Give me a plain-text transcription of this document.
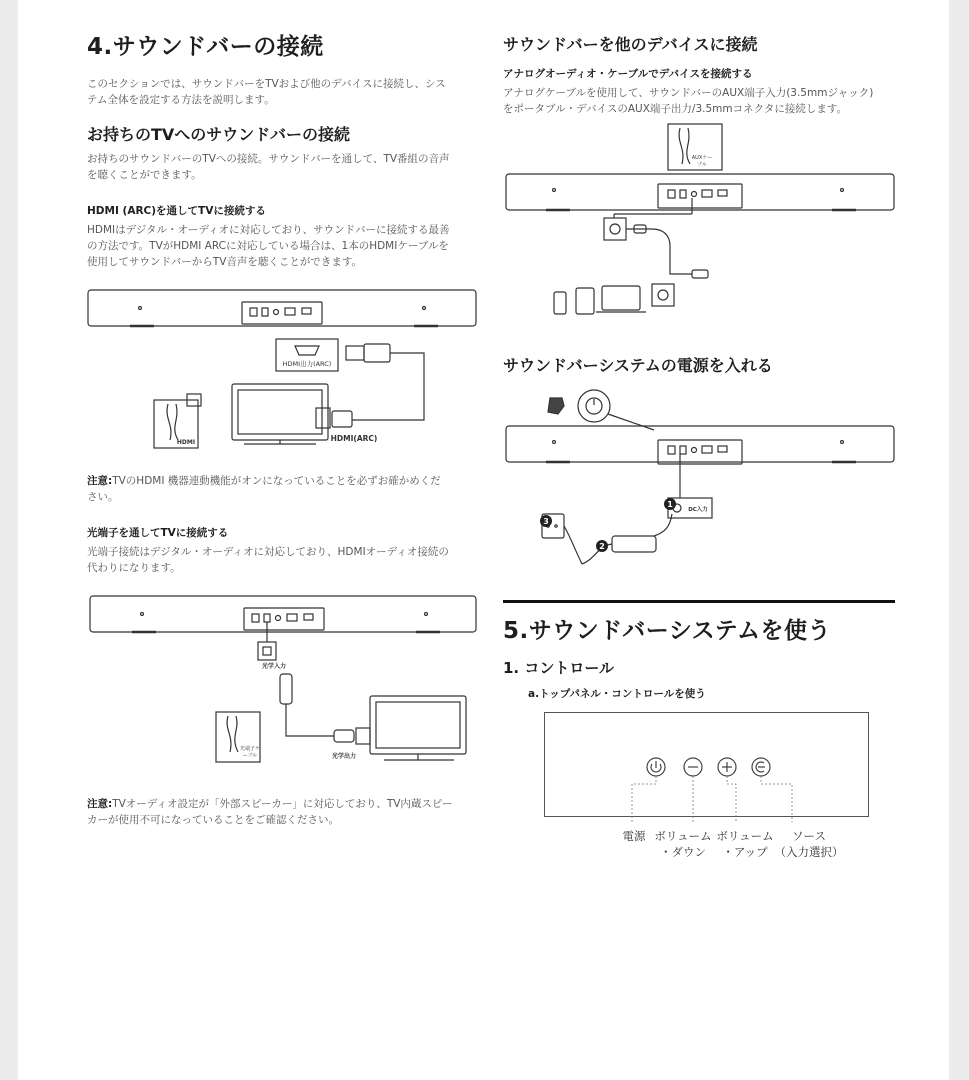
4.サウンドバーの接続

このセクションでは、サウンドバーをTVおよび他のデバイスに接続し、シス
テム全体を設定する方法を説明します。

お持ちのTVへのサウンドバーの接続

お持ちのサウンドバーのTVへの接続。サウンドバーを通して、TV番組の音声
を聴くことができます。

HDMI (ARC)を通してTVに接続する

HDMIはデジタル・オーディオに対応しており、サウンドバーに接続する最善
の方法です。TVがHDMI ARCに対応している場合は、1本のHDMIケーブルを
使用してサウンドバーからTV音声を聴くことができます。

HDMI出力(ARC)
HDMI(ARC)
HDMI

注意:TVのHDMI 機器連動機能がオンになっていることを必ずお確かめくだ
さい。

光端子を通してTVに接続する

光端子接続はデジタル・オーディオに対応しており、HDMIオーディオ接続の
代わりになります。

光学入力
光学出力
光端子ケ
ーブル

注意:TVオーディオ設定が「外部スピーカー」に対応しており、TV内蔵スピー
カーが使用不可になっていることをご確認ください。

サウンドバーを他のデバイスに接続
アナログオーディオ・ケーブルでデバイスを接続する

アナログケーブルを使用して、サウンドバーのAUX端子入力(3.5mmジャック)
をポータブル・デバイスのAUX端子出力/3.5mmコネクタに接続します。

AUXケー
ブル
サウンドバーシステムの電源を入れる
1
2
3
DC入力
5.サウンドバーシステムを使う
1. コントロール
a.トップパネル・コントロールを使う
電源 ボリューム
・ダウン
ボリューム
・アップ
ソース
（入力選択）
